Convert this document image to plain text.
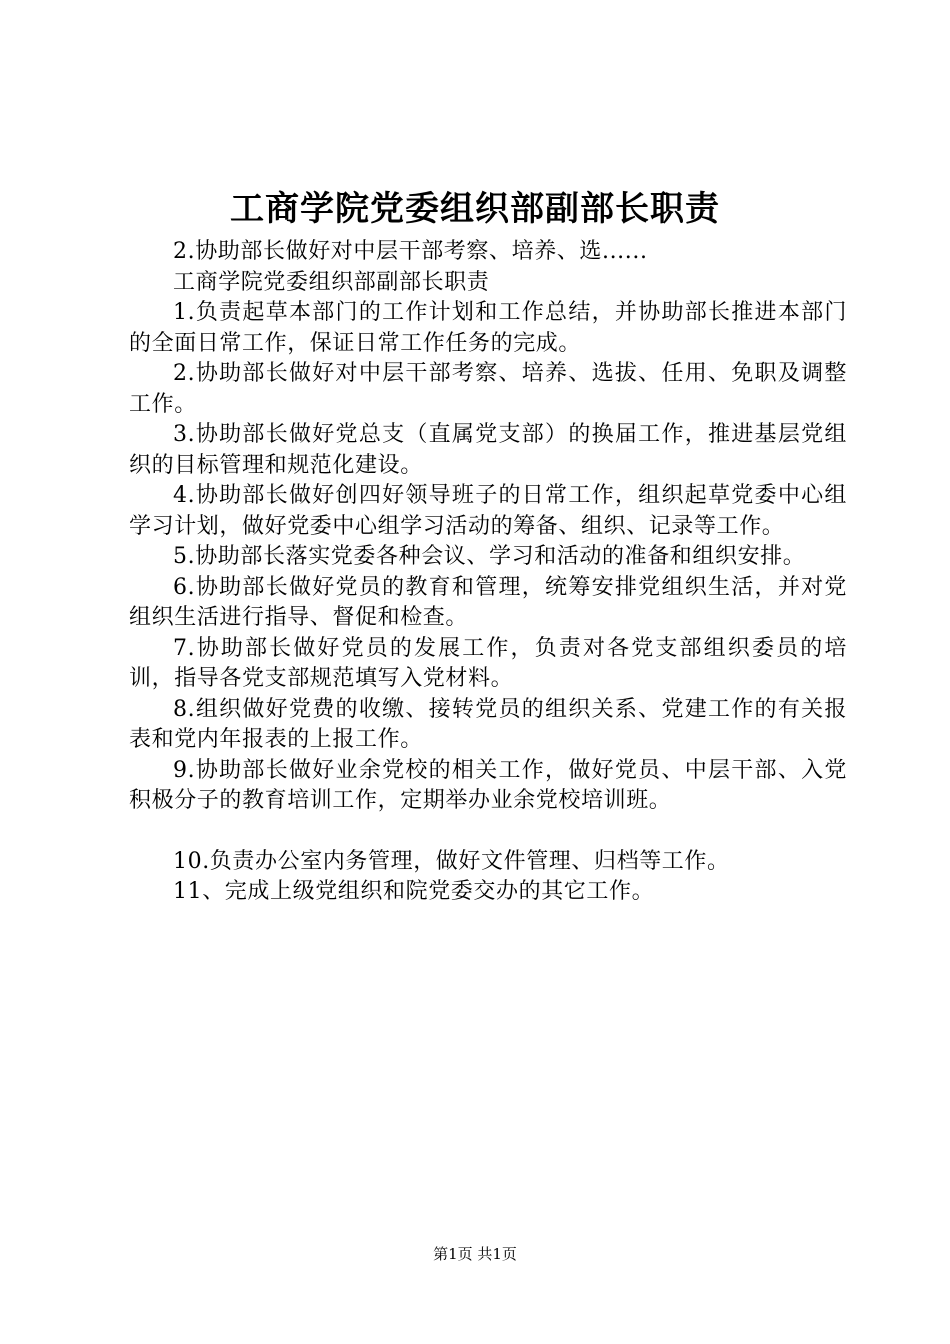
工商学院党委组织部副部长职责

2.协助部长做好对中层干部考察、培养、选......

工商学院党委组织部副部长职责

1.负责起草本部门的工作计划和工作总结，并协助部长推进本部门的全面日常工作，保证日常工作任务的完成。

2.协助部长做好对中层干部考察、培养、选拔、任用、免职及调整工作。

3.协助部长做好党总支（直属党支部）的换届工作，推进基层党组织的目标管理和规范化建设。

4.协助部长做好创四好领导班子的日常工作，组织起草党委中心组学习计划，做好党委中心组学习活动的筹备、组织、记录等工作。

5.协助部长落实党委各种会议、学习和活动的准备和组织安排。

6.协助部长做好党员的教育和管理，统筹安排党组织生活，并对党组织生活进行指导、督促和检查。

7.协助部长做好党员的发展工作，负责对各党支部组织委员的培训，指导各党支部规范填写入党材料。

8.组织做好党费的收缴、接转党员的组织关系、党建工作的有关报表和党内年报表的上报工作。

9.协助部长做好业余党校的相关工作，做好党员、中层干部、入党积极分子的教育培训工作，定期举办业余党校培训班。

10.负责办公室内务管理，做好文件管理、归档等工作。

11、完成上级党组织和院党委交办的其它工作。

第1页 共1页
